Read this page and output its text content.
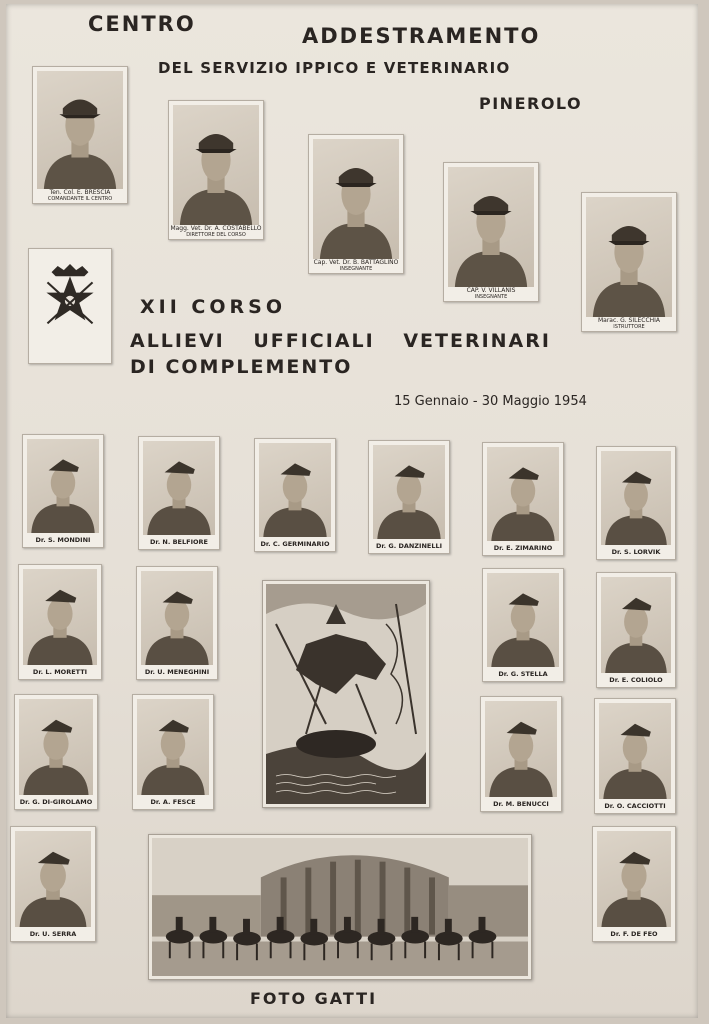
CENTRO	ADDESTRAMENTO
DEL SERVIZIO IPPICO E VETERINARIO
PINEROLO
Ten. Col. E. BRESCIA
COMANDANTE IL CENTRO
Magg. Vet. Dr. A. COSTABELLO
DIRETTORE DEL CORSO
Cap. Vet. Dr. B. BATTAGLINO
INSEGNANTE
CAP. V. VILLANIS
INSEGNANTE
Marac. G. SILECCHIA
ISTRUTTORE
XII CORSO
ALLIEVI UFFICIALI VETERINARI
DI COMPLEMENTO
15 Gennaio - 30 Maggio 1954
Dr. S. MONDINI	Dr. N. BELFIORE	Dr. C. GERMINARIO	Dr. G. DANZINELLI	Dr. E. ZIMARINO	Dr. S. LORVIK
Dr. L. MORETTI	Dr. U. MENEGHINI	Dr. G. STELLA
Dr. E. COLIOLO
Dr. G. DI-GIROLAMO	Dr. A. FESCE	Dr. M. BENUCCI	Dr. O. CACCIOTTI
Dr. U. SERRA	Dr. F. DE FEO
FOTO GATTI
